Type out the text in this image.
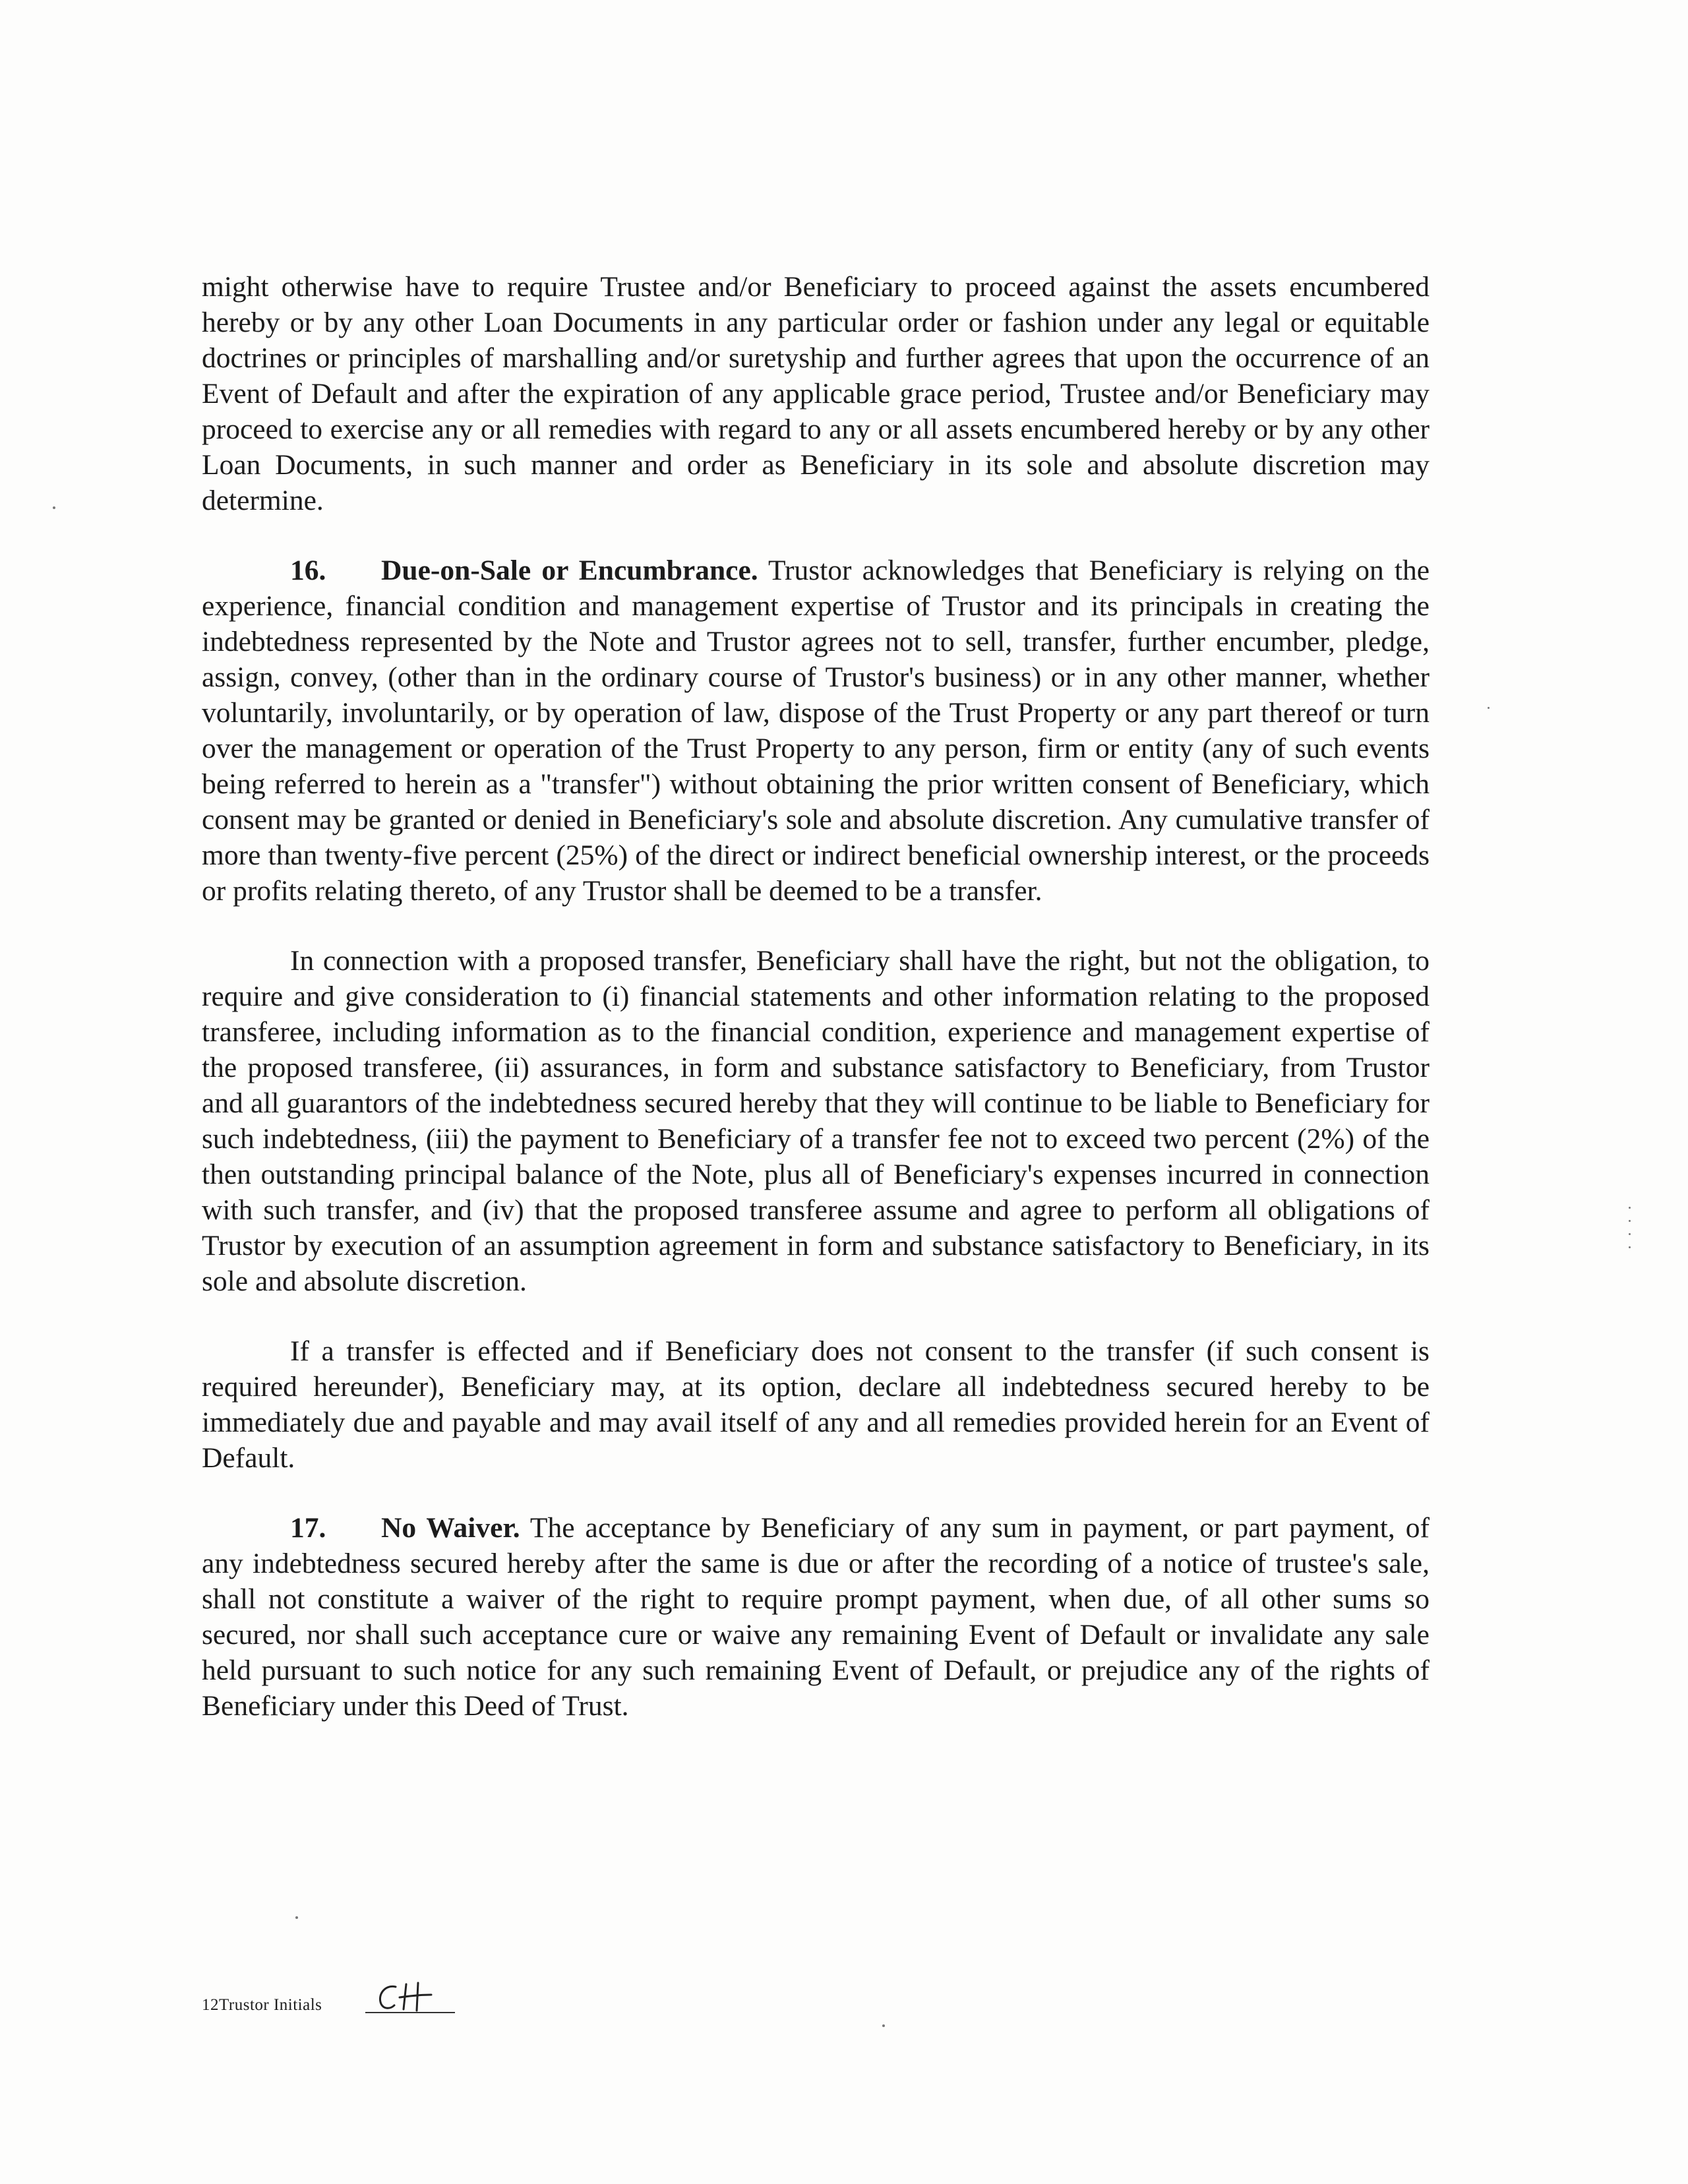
might otherwise have to require Trustee and/or Beneficiary to proceed against the assets encumbered hereby or by any other Loan Documents in any particular order or fashion under any legal or equitable doctrines or principles of marshalling and/or suretyship and further agrees that upon the occurrence of an Event of Default and after the expiration of any applicable grace period, Trustee and/or Beneficiary may proceed to exercise any or all remedies with regard to any or all assets encumbered hereby or by any other Loan Documents, in such manner and order as Beneficiary in its sole and absolute discretion may determine.

16. Due-on-Sale or Encumbrance. Trustor acknowledges that Beneficiary is relying on the experience, financial condition and management expertise of Trustor and its principals in creating the indebtedness represented by the Note and Trustor agrees not to sell, transfer, further encumber, pledge, assign, convey, (other than in the ordinary course of Trustor's business) or in any other manner, whether voluntarily, involuntarily, or by operation of law, dispose of the Trust Property or any part thereof or turn over the management or operation of the Trust Property to any person, firm or entity (any of such events being referred to herein as a "transfer") without obtaining the prior written consent of Beneficiary, which consent may be granted or denied in Beneficiary's sole and absolute discretion. Any cumulative transfer of more than twenty-five percent (25%) of the direct or indirect beneficial ownership interest, or the proceeds or profits relating thereto, of any Trustor shall be deemed to be a transfer.

In connection with a proposed transfer, Beneficiary shall have the right, but not the obligation, to require and give consideration to (i) financial statements and other information relating to the proposed transferee, including information as to the financial condition, experience and management expertise of the proposed transferee, (ii) assurances, in form and substance satisfactory to Beneficiary, from Trustor and all guarantors of the indebtedness secured hereby that they will continue to be liable to Beneficiary for such indebtedness, (iii) the payment to Beneficiary of a transfer fee not to exceed two percent (2%) of the then outstanding principal balance of the Note, plus all of Beneficiary's expenses incurred in connection with such transfer, and (iv) that the proposed transferee assume and agree to perform all obligations of Trustor by execution of an assumption agreement in form and substance satisfactory to Beneficiary, in its sole and absolute discretion.

If a transfer is effected and if Beneficiary does not consent to the transfer (if such consent is required hereunder), Beneficiary may, at its option, declare all indebtedness secured hereby to be immediately due and payable and may avail itself of any and all remedies provided herein for an Event of Default.

17. No Waiver. The acceptance by Beneficiary of any sum in payment, or part payment, of any indebtedness secured hereby after the same is due or after the recording of a notice of trustee's sale, shall not constitute a waiver of the right to require prompt payment, when due, of all other sums so secured, nor shall such acceptance cure or waive any remaining Event of Default or invalidate any sale held pursuant to such notice for any such remaining Event of Default, or prejudice any of the rights of Beneficiary under this Deed of Trust.

12Trustor Initials
